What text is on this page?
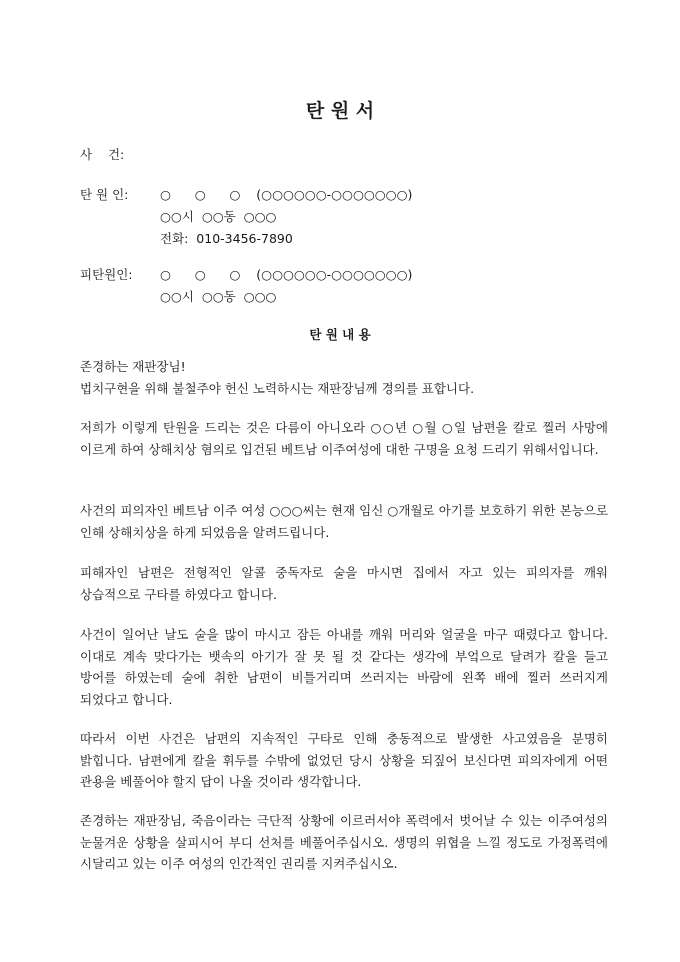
탄 원 서
사    건:
탄 원 인:	○      ○      ○    (○○○○○○-○○○○○○○)
○○시  ○○동  ○○○
전화:  010-3456-7890
피탄원인: ○      ○      ○    (○○○○○○-○○○○○○○)
○○시  ○○동  ○○○
탄 원 내 용
존경하는 재판장님!
법치구현을 위해 불철주야 헌신 노력하시는 재판장님께 경의를 표합니다.
저희가 이렇게 탄원을 드리는 것은 다름이 아니오라 ○○년 ○월 ○일 남편을 칼로 찔러 사망에 이르게 하여 상해치상 혐의로 입건된 베트남 이주여성에 대한 구명을 요청 드리기 위해서입니다.
사건의 피의자인 베트남 이주 여성 ○○○씨는 현재 임신 ○개월로 아기를 보호하기 위한 본능으로 인해 상해치상을 하게 되었음을 알려드립니다.
피해자인 남편은 전형적인 알콜 중독자로 술을 마시면 집에서 자고 있는 피의자를 깨워 상습적으로 구타를 하였다고 합니다.
사건이 일어난 날도 술을 많이 마시고 잠든 아내를 깨워 머리와 얼굴을 마구 때렸다고 합니다. 이대로 계속 맞다가는 뱃속의 아기가 잘 못 될 것 같다는 생각에 부엌으로 달려가 칼을 들고 방어를 하였는데 술에 취한 남편이 비틀거리며 쓰러지는 바람에 왼쪽 배에 찔러 쓰러지게 되었다고 합니다.
따라서 이번 사건은 남편의 지속적인 구타로 인해 충동적으로 발생한 사고였음을 분명히 밝힙니다. 남편에게 칼을 휘두를 수밖에 없었던 당시 상황을 되짚어 보신다면 피의자에게 어떤 관용을 베풀어야 할지 답이 나올 것이라 생각합니다.
존경하는 재판장님, 죽음이라는 극단적 상황에 이르러서야 폭력에서 벗어날 수 있는 이주여성의 눈물겨운 상황을 살피시어 부디 선처를 베풀어주십시오. 생명의 위협을 느낄 정도로 가정폭력에 시달리고 있는 이주 여성의 인간적인 권리를 지켜주십시오.
